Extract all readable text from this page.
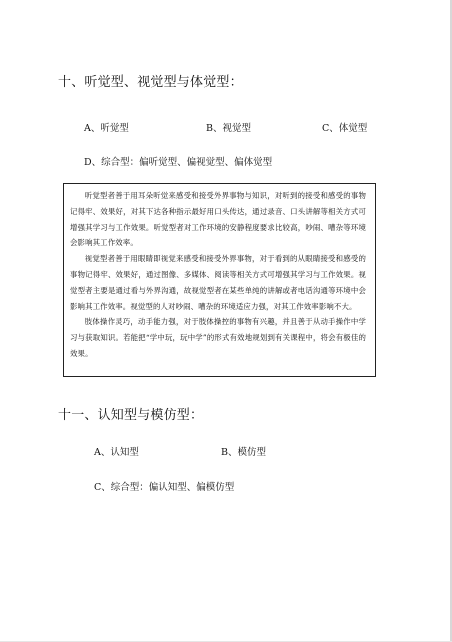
十、听觉型、视觉型与体觉型：
A、听觉型	B、视觉型	C、体觉型
D、综合型：偏听觉型、偏视觉型、偏体觉型

听觉型者善于用耳朵听觉来感受和接受外界事物与知识，对听到的接受和感受的事物记得牢、效果好，对其下达各种指示最好用口头传达，通过录音、口头讲解等相关方式可增强其学习与工作效果。听觉型者对工作环境的安静程度要求比较高，吵闹、嘈杂等环境会影响其工作效率。

视觉型者善于用眼睛即视觉来感受和接受外界事物，对于看到的从眼睛接受和感受的事物记得牢、效果好，通过图像、多媒体、阅读等相关方式可增强其学习与工作效果。视觉型者主要是通过看与外界沟通，故视觉型者在某些单纯的讲解或者电话沟通等环境中会影响其工作效率。视觉型的人对吵闹、嘈杂的环境适应力强，对其工作效率影响不大。

肢体操作灵巧，动手能力强，对于肢体操控的事物有兴趣，并且善于从动手操作中学习与获取知识。若能把“学中玩，玩中学”的形式有效地规划到有关课程中，将会有极佳的效果。

十一、认知型与模仿型：
A、认知型	B、模仿型
C、综合型：偏认知型、偏模仿型
